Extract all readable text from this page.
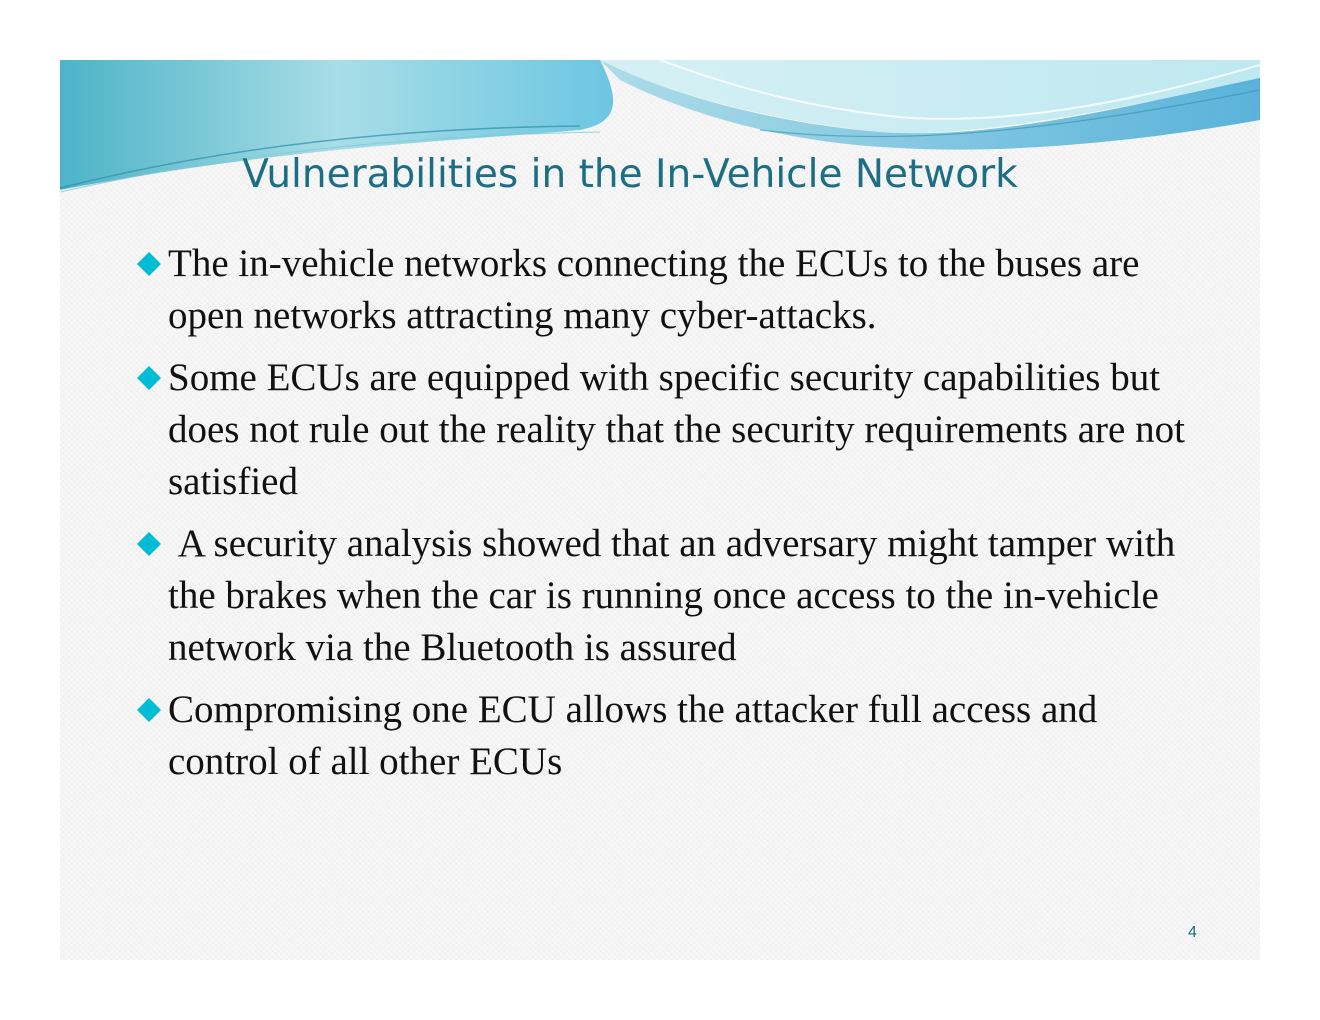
Vulnerabilities in the In-Vehicle Network
The in-vehicle networks connecting the ECUs to the buses are open networks attracting many cyber-attacks.
Some ECUs are equipped with specific security capabilities but does not rule out the reality that the security requirements are not satisfied
A security analysis showed that an adversary might tamper with the brakes when the car is running once access to the in-vehicle network via the Bluetooth is assured
Compromising one ECU allows the attacker full access and control of all other ECUs
4
